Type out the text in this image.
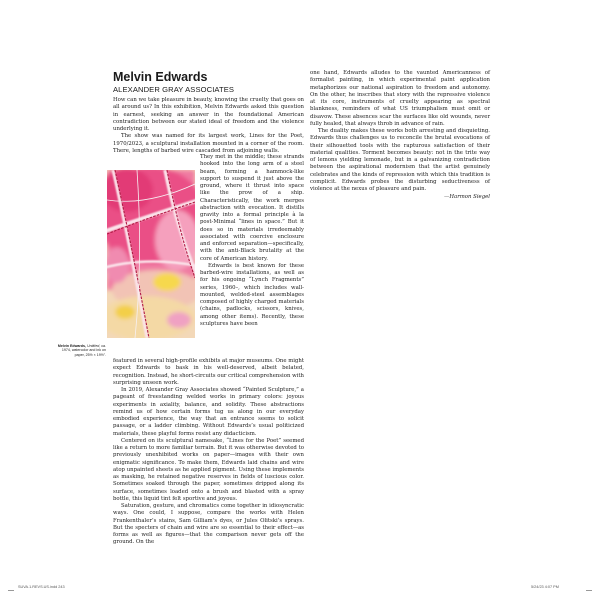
Melvin Edwards
ALEXANDER GRAY ASSOCIATES

How can we take pleasure in beauty, knowing the cruelty that goes on all around us? In this exhibition, Melvin Edwards asked this question in earnest, seeking an answer in the foundational American contradiction between our stated ideal of freedom and the violence underlying it.

The show was named for its largest work, Lines for the Poet, 1970/2023, a sculptural installation mounted in a corner of the room. There, lengths of barbed wire cascaded from adjoining walls.

They met in the middle; these strands hooked into the long arm of a steel beam, forming a hammock-like support to suspend it just above the ground, where it thrust into space like the prow of a ship. Characteristically, the work merges abstraction with evocation. It distills gravity into a formal principle à la post-Minimal “lines in space.” But it does so in materials irredeemably associated with coercive enclosure and enforced separation—specifically, with the anti-Black brutality at the core of American history.

Edwards is best known for these barbed-wire installations, as well as for his ongoing “Lynch Fragments” series, 1960–, which includes wall-mounted, welded-steel assemblages composed of highly charged materials (chains, padlocks, scissors, knives, among other items). Recently, these sculptures have been

Melvin Edwards, Untitled, ca. 1974, watercolor and ink on paper, 25½ × 19½".

featured in several high-profile exhibits at major museums. One might expect Edwards to bask in his well-deserved, albeit belated, recognition. Instead, he short-circuits our critical comprehension with surprising unseen work.

In 2019, Alexander Gray Associates showed “Painted Sculpture,” a pageant of freestanding welded works in primary colors: joyous experiments in axiality, balance, and solidity. These abstractions remind us of how certain forms tug us along in our everyday embodied experience, the way that an entrance seems to solicit passage, or a ladder climbing. Without Edwards’s usual politicized materials, these playful forms resist any didacticism.

Centered on its sculptural namesake, “Lines for the Poet” seemed like a return to more familiar terrain. But it was otherwise devoted to previously unexhibited works on paper—images with their own enigmatic significance. To make them, Edwards laid chains and wire atop unpainted sheets as he applied pigment. Using these implements as masking, he retained negative reserves in fields of luscious color. Sometimes soaked through the paper, sometimes dripped along its surface, sometimes loaded onto a brush and blasted with a spray bottle, this liquid tint felt sportive and joyous.

Saturation, gesture, and chromatics come together in idiosyncratic ways. One could, I suppose, compare the works with Helen Frankenthaler’s stains, Sam Gilliam’s dyes, or Jules Olitski’s sprays. But the specters of chain and wire are so essential to their effect—as forms as well as figures—that the comparison never gets off the ground. On the

one hand, Edwards alludes to the vaunted Americanness of formalist painting, in which experimental paint application metaphorizes our national aspiration to freedom and autonomy. On the other, he inscribes that story with the repressive violence at its core, instruments of cruelty appearing as spectral blankness, reminders of what US triumphalism must omit or disavow. These absences scar the surfaces like old wounds, never fully healed, that always throb in advance of rain.

The duality makes these works both arresting and disquieting. Edwards thus challenges us to reconcile the brutal evocations of their silhouetted tools with the rapturous satisfaction of their material qualities. Torment becomes beauty: not in the trite way of lemons yielding lemonade, but in a galvanizing contradiction between the aspirational modernism that the artist genuinely celebrates and the kinds of repression with which this tradition is complicit. Edwards probes the disturbing seductiveness of violence at the nexus of pleasure and pain.

—Harmon Siegel
SUVA.1.REVS.US.indd 243	5/24/23 4:07 PM
